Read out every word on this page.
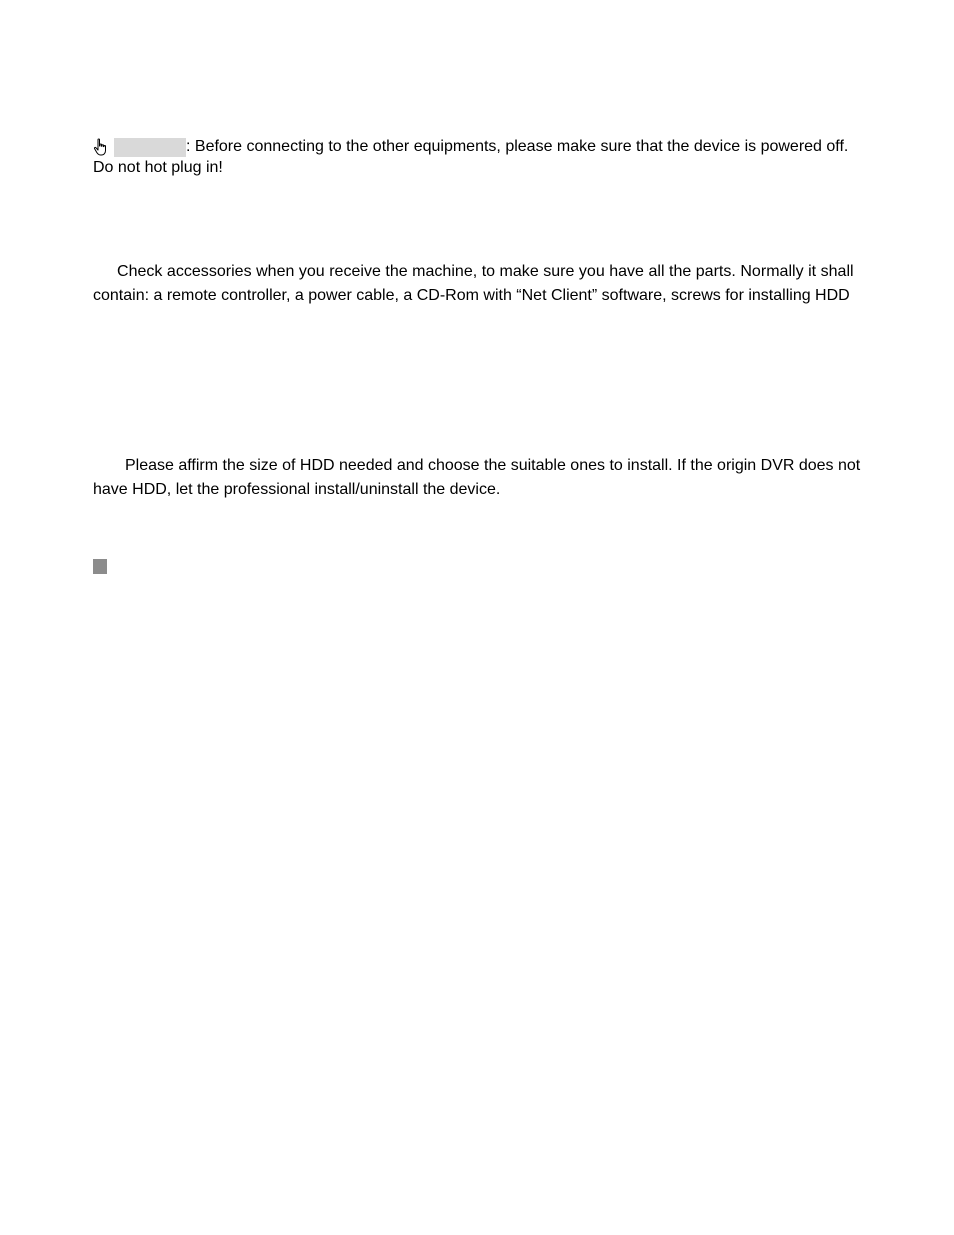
: Before connecting to the other equipments, please make sure that the device is powered off.
Do not hot plug in!
Check accessories when you receive the machine, to make sure you have all the parts. Normally it shall
contain: a remote controller, a power cable, a CD-Rom with “Net Client” software, screws for installing HDD
Please affirm the size of HDD needed and choose the suitable ones to install. If the origin DVR does not
have HDD, let the professional install/uninstall the device.
